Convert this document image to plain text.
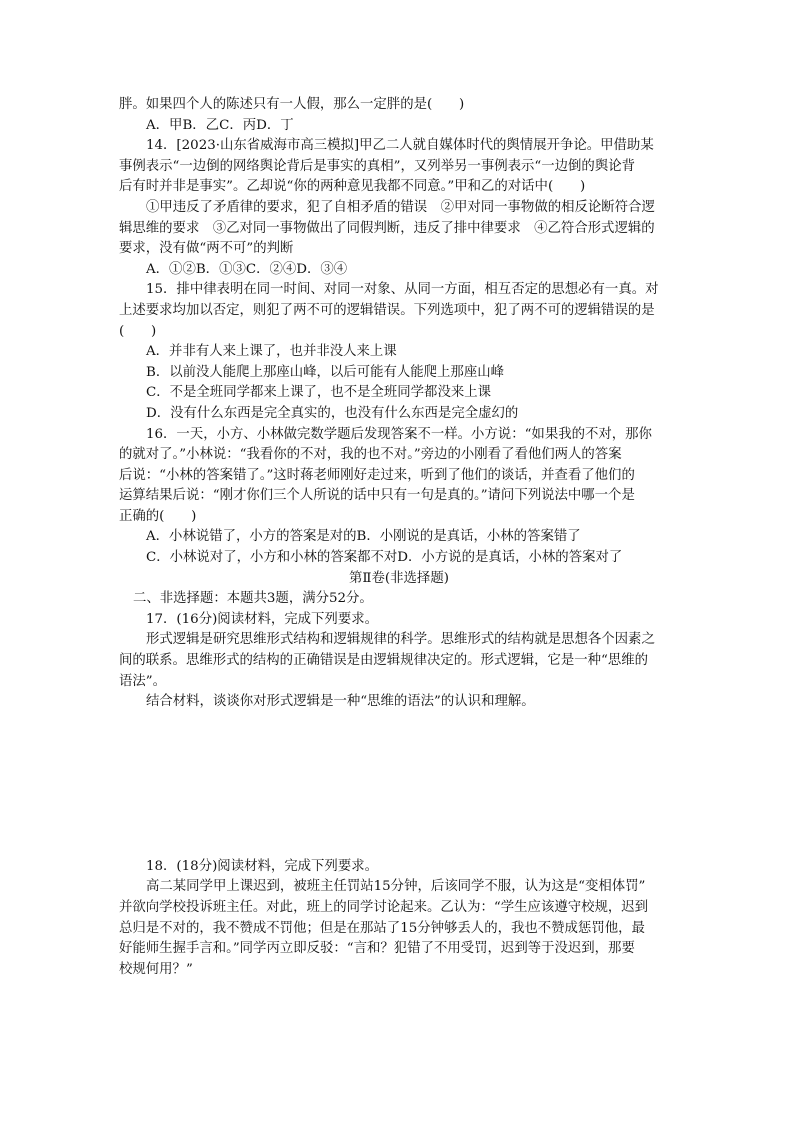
胖。如果四个人的陈述只有一人假，那么一定胖的是(　　)
A．甲B．乙C．丙D．丁
14．[2023·山东省威海市高三模拟]甲乙二人就自媒体时代的舆情展开争论。甲借助某
事例表示“一边倒的网络舆论背后是事实的真相”，又列举另一事例表示“一边倒的舆论背
后有时并非是事实”。乙却说“你的两种意见我都不同意。”甲和乙的对话中(　　)
①甲违反了矛盾律的要求，犯了自相矛盾的错误　②甲对同一事物做的相反论断符合逻
辑思维的要求　③乙对同一事物做出了同假判断，违反了排中律要求　④乙符合形式逻辑的
要求，没有做“两不可”的判断
A．①②B．①③C．②④D．③④
15．排中律表明在同一时间、对同一对象、从同一方面，相互否定的思想必有一真。对
上述要求均加以否定，则犯了两不可的逻辑错误。下列选项中，犯了两不可的逻辑错误的是
(　　)
A．并非有人来上课了，也并非没人来上课
B．以前没人能爬上那座山峰，以后可能有人能爬上那座山峰
C．不是全班同学都来上课了，也不是全班同学都没来上课
D．没有什么东西是完全真实的，也没有什么东西是完全虚幻的
16．一天，小方、小林做完数学题后发现答案不一样。小方说：“如果我的不对，那你
的就对了。”小林说：“我看你的不对，我的也不对。”旁边的小刚看了看他们两人的答案
后说：“小林的答案错了。”这时蒋老师刚好走过来，听到了他们的谈话，并查看了他们的
运算结果后说：“刚才你们三个人所说的话中只有一句是真的。”请问下列说法中哪一个是
正确的(　　)
A．小林说错了，小方的答案是对的B．小刚说的是真话，小林的答案错了
C．小林说对了，小方和小林的答案都不对D．小方说的是真话，小林的答案对了
第Ⅱ卷(非选择题)
二、非选择题：本题共3题，满分52分。
17．(16分)阅读材料，完成下列要求。
形式逻辑是研究思维形式结构和逻辑规律的科学。思维形式的结构就是思想各个因素之
间的联系。思维形式的结构的正确错误是由逻辑规律决定的。形式逻辑，它是一种“思维的
语法”。
结合材料，谈谈你对形式逻辑是一种“思维的语法”的认识和理解。
18．(18分)阅读材料，完成下列要求。
高二某同学甲上课迟到，被班主任罚站15分钟，后该同学不服，认为这是“变相体罚”
并欲向学校投诉班主任。对此，班上的同学讨论起来。乙认为：“学生应该遵守校规，迟到
总归是不对的，我不赞成不罚他；但是在那站了15分钟够丢人的，我也不赞成惩罚他，最
好能师生握手言和。”同学丙立即反驳：“言和？犯错了不用受罚，迟到等于没迟到，那要
校规何用？”
